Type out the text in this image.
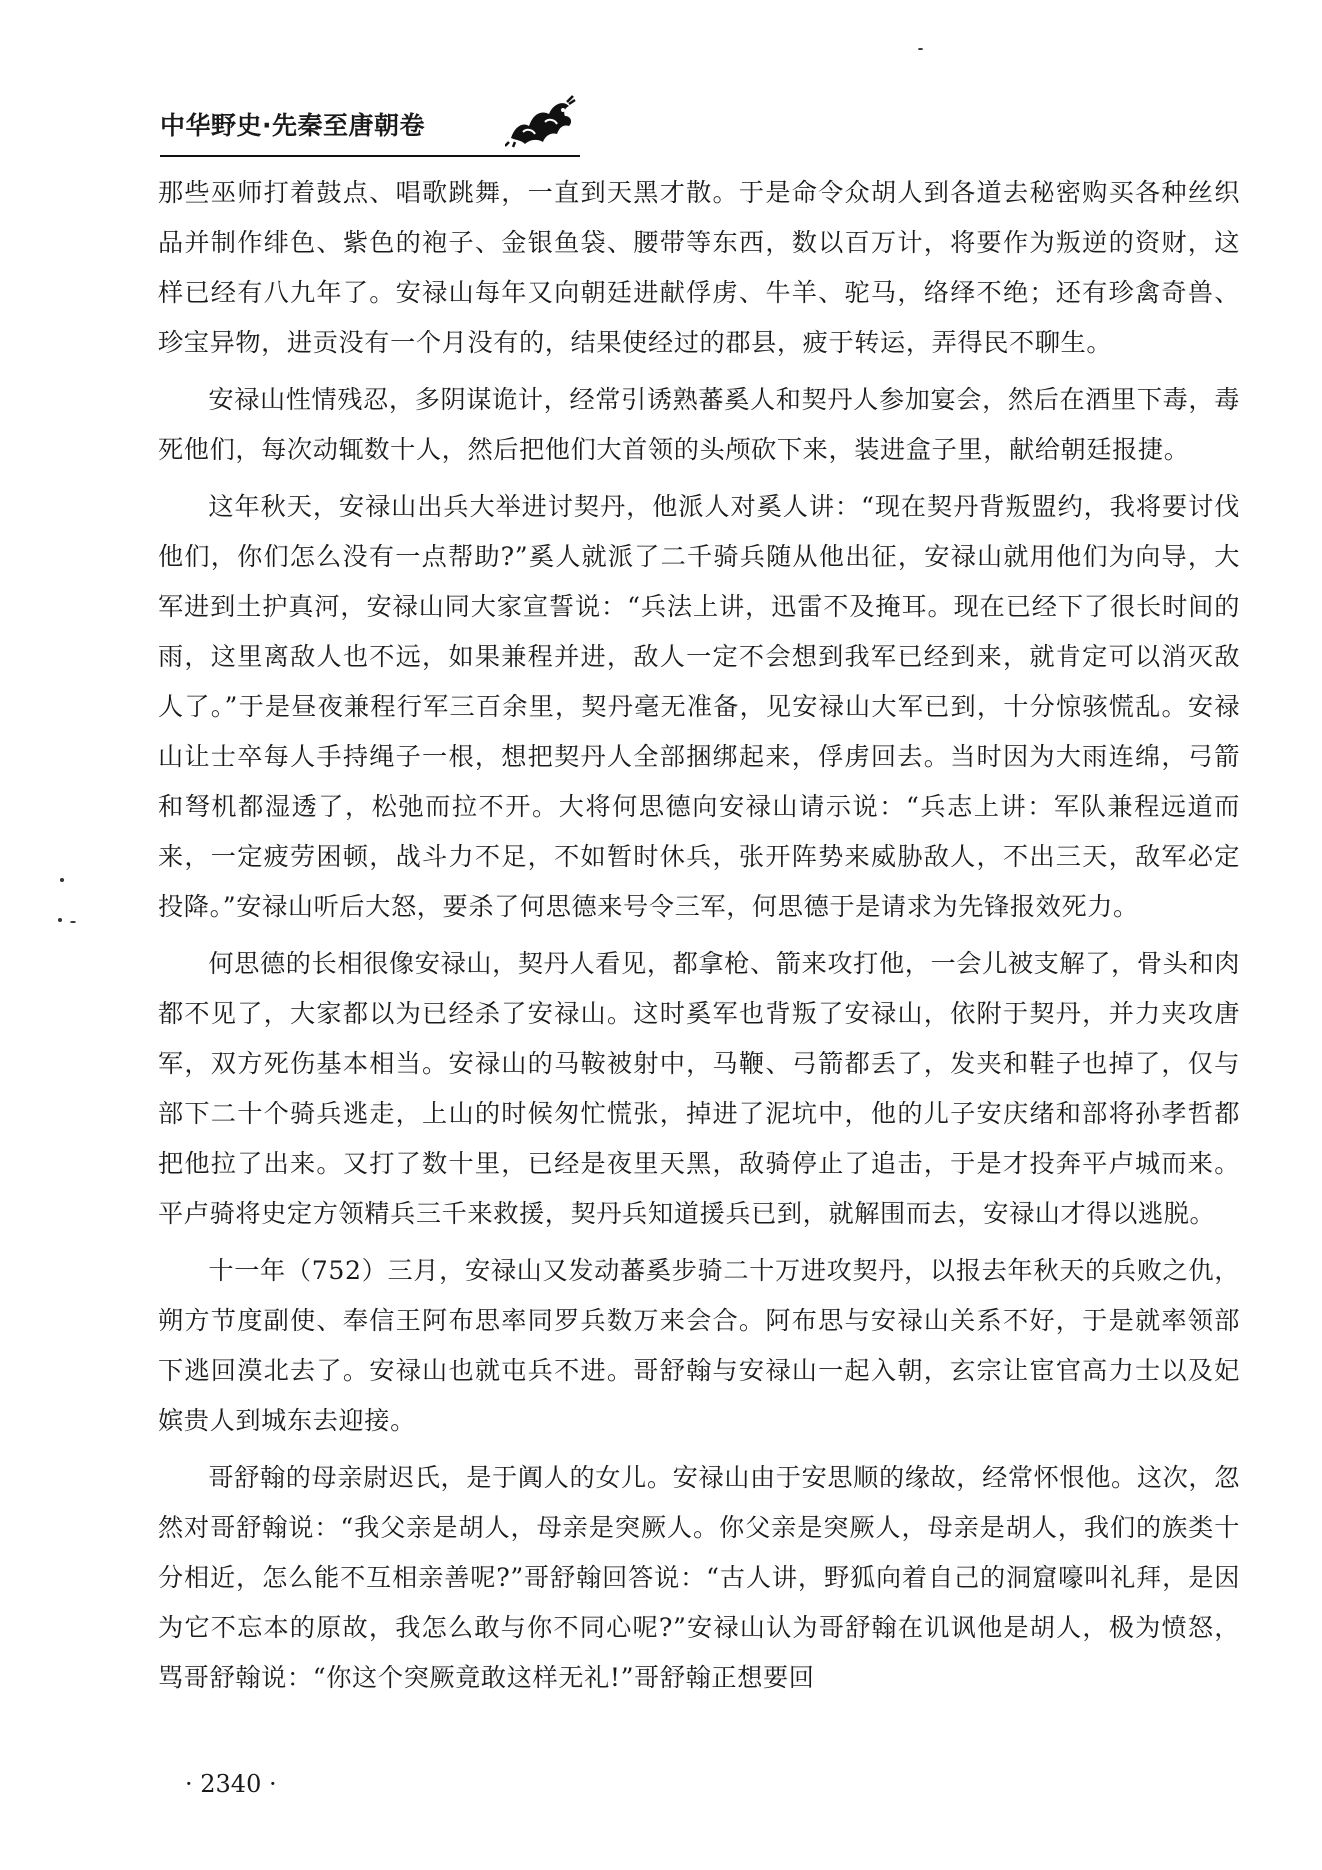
中华野史·先秦至唐朝卷

那些巫师打着鼓点、唱歌跳舞，一直到天黑才散。于是命令众胡人到各道去秘密购买各种丝织品并制作绯色、紫色的袍子、金银鱼袋、腰带等东西，数以百万计，将要作为叛逆的资财，这样已经有八九年了。安禄山每年又向朝廷进献俘虏、牛羊、驼马，络绎不绝；还有珍禽奇兽、珍宝异物，进贡没有一个月没有的，结果使经过的郡县，疲于转运，弄得民不聊生。

安禄山性情残忍，多阴谋诡计，经常引诱熟蕃奚人和契丹人参加宴会，然后在酒里下毒，毒死他们，每次动辄数十人，然后把他们大首领的头颅砍下来，装进盒子里，献给朝廷报捷。

这年秋天，安禄山出兵大举进讨契丹，他派人对奚人讲：“现在契丹背叛盟约，我将要讨伐他们，你们怎么没有一点帮助?”奚人就派了二千骑兵随从他出征，安禄山就用他们为向导，大军进到土护真河，安禄山同大家宣誓说：“兵法上讲，迅雷不及掩耳。现在已经下了很长时间的雨，这里离敌人也不远，如果兼程并进，敌人一定不会想到我军已经到来，就肯定可以消灭敌人了。”于是昼夜兼程行军三百余里，契丹毫无准备，见安禄山大军已到，十分惊骇慌乱。安禄山让士卒每人手持绳子一根，想把契丹人全部捆绑起来，俘虏回去。当时因为大雨连绵，弓箭和弩机都湿透了，松弛而拉不开。大将何思德向安禄山请示说：“兵志上讲：军队兼程远道而来，一定疲劳困顿，战斗力不足，不如暂时休兵，张开阵势来威胁敌人，不出三天，敌军必定投降。”安禄山听后大怒，要杀了何思德来号令三军，何思德于是请求为先锋报效死力。

何思德的长相很像安禄山，契丹人看见，都拿枪、箭来攻打他，一会儿被支解了，骨头和肉都不见了，大家都以为已经杀了安禄山。这时奚军也背叛了安禄山，依附于契丹，并力夹攻唐军，双方死伤基本相当。安禄山的马鞍被射中，马鞭、弓箭都丢了，发夹和鞋子也掉了，仅与部下二十个骑兵逃走，上山的时候匆忙慌张，掉进了泥坑中，他的儿子安庆绪和部将孙孝哲都把他拉了出来。又打了数十里，已经是夜里天黑，敌骑停止了追击，于是才投奔平卢城而来。平卢骑将史定方领精兵三千来救援，契丹兵知道援兵已到，就解围而去，安禄山才得以逃脱。

十一年（752）三月，安禄山又发动蕃奚步骑二十万进攻契丹，以报去年秋天的兵败之仇，朔方节度副使、奉信王阿布思率同罗兵数万来会合。阿布思与安禄山关系不好，于是就率领部下逃回漠北去了。安禄山也就屯兵不进。哥舒翰与安禄山一起入朝，玄宗让宦官高力士以及妃嫔贵人到城东去迎接。

哥舒翰的母亲尉迟氏，是于阗人的女儿。安禄山由于安思顺的缘故，经常怀恨他。这次，忽然对哥舒翰说：“我父亲是胡人，母亲是突厥人。你父亲是突厥人，母亲是胡人，我们的族类十分相近，怎么能不互相亲善呢?”哥舒翰回答说：“古人讲，野狐向着自己的洞窟嚎叫礼拜，是因为它不忘本的原故，我怎么敢与你不同心呢?”安禄山认为哥舒翰在讥讽他是胡人，极为愤怒，骂哥舒翰说：“你这个突厥竟敢这样无礼!”哥舒翰正想要回

· 2340 ·
